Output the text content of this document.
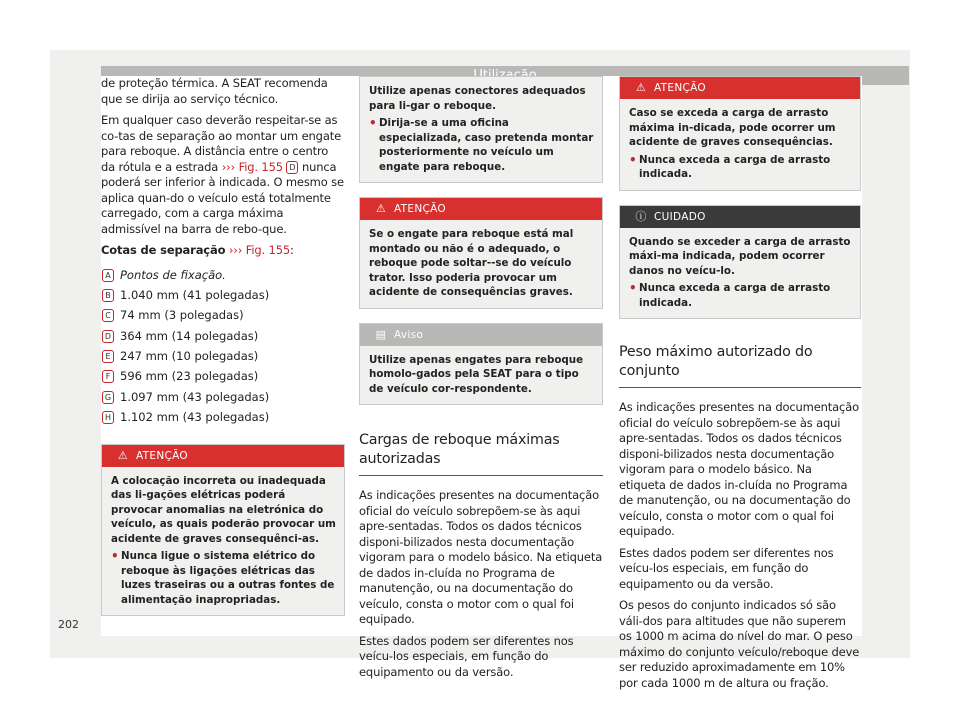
de proteção térmica. A SEAT recomenda que se dirija ao serviço técnico.

Em qualquer caso deverão respeitar-se as co-tas de separação ao montar um engate para reboque. A distância entre o centro da rótula e a estrada ››› Fig. 155 D nunca poderá ser inferior à indicada. O mesmo se aplica quan-do o veículo está totalmente carregado, com a carga máxima admissível na barra de rebo-que.

Cotas de separação ››› Fig. 155:

A Pontos de fixação.
B 1.040 mm (41 polegadas)
C 74 mm (3 polegadas)
D 364 mm (14 polegadas)
E 247 mm (10 polegadas)
F 596 mm (23 polegadas)
G 1.097 mm (43 polegadas)
H 1.102 mm (43 polegadas)
⚠ ATENÇÃO

A colocação incorreta ou inadequada das li-gações elétricas poderá provocar anomalias na eletrónica do veículo, as quais poderão provocar um acidente de graves consequênci-as.

• Nunca ligue o sistema elétrico do reboque às ligações elétricas das luzes traseiras ou a outras fontes de alimentação inapropriadas.

Utilize apenas conectores adequados para li-gar o reboque.

• Dirija-se a uma oficina especializada, caso pretenda montar posteriormente no veículo um engate para reboque.

⚠ ATENÇÃO

Se o engate para reboque está mal montado ou não é o adequado, o reboque pode soltar--se do veículo trator. Isso poderia provocar um acidente de consequências graves.

▤ Aviso

Utilize apenas engates para reboque homolo-gados pela SEAT para o tipo de veículo cor-respondente.

Cargas de reboque máximas autorizadas

As indicações presentes na documentação oficial do veículo sobrepõem-se às aqui apre-sentadas. Todos os dados técnicos disponi-bilizados nesta documentação vigoram para o modelo básico. Na etiqueta de dados in-cluída no Programa de manutenção, ou na documentação do veículo, consta o motor com o qual foi equipado.

Estes dados podem ser diferentes nos veícu-los especiais, em função do equipamento ou da versão.

⚠ ATENÇÃO

Caso se exceda a carga de arrasto máxima in-dicada, pode ocorrer um acidente de graves consequências.

• Nunca exceda a carga de arrasto indicada.

ⓘ CUIDADO

Quando se exceder a carga de arrasto máxi-ma indicada, podem ocorrer danos no veícu-lo.

• Nunca exceda a carga de arrasto indicada.

Peso máximo autorizado do conjunto

As indicações presentes na documentação oficial do veículo sobrepõem-se às aqui apre-sentadas. Todos os dados técnicos disponi-bilizados nesta documentação vigoram para o modelo básico. Na etiqueta de dados in-cluída no Programa de manutenção, ou na documentação do veículo, consta o motor com o qual foi equipado.

Estes dados podem ser diferentes nos veícu-los especiais, em função do equipamento ou da versão.

Os pesos do conjunto indicados só são váli-dos para altitudes que não superem os 1000 m acima do nível do mar. O peso máximo do conjunto veículo/reboque deve ser reduzido aproximadamente em 10% por cada 1000 m de altura ou fração.

202
